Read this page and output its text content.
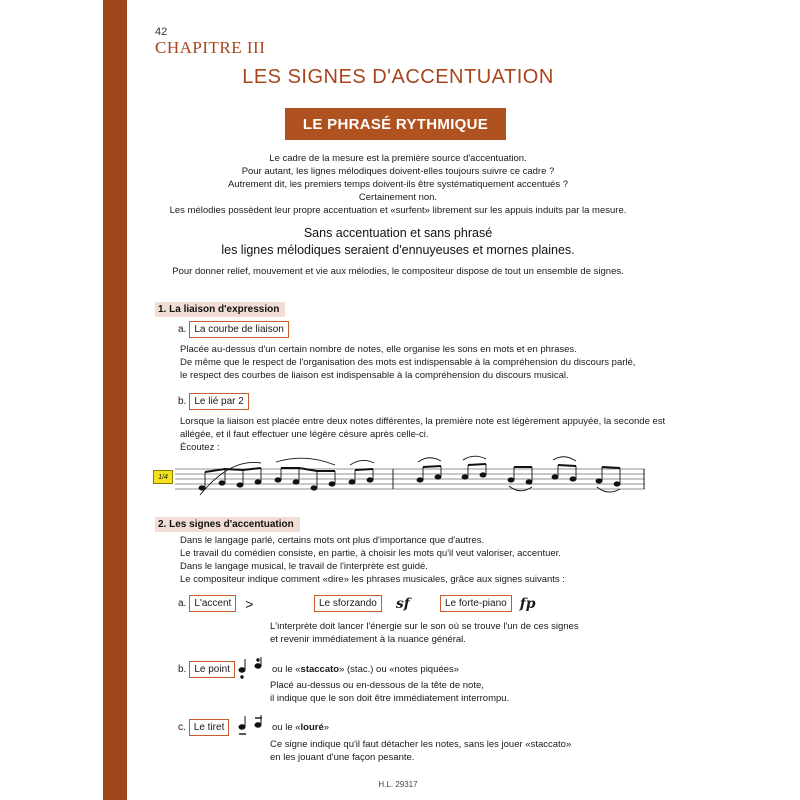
42
CHAPITRE III
LES SIGNES D'ACCENTUATION
LE PHRASÉ RYTHMIQUE
Le cadre de la mesure est la première source d'accentuation.
Pour autant, les lignes mélodiques doivent-elles toujours suivre ce cadre ?
Autrement dit, les premiers temps doivent-ils être systématiquement accentués ?
Certainement non.
Les mélodies possèdent leur propre accentuation et «surfent» librement sur les appuis induits par la mesure.
Sans accentuation et sans phrasé
les lignes mélodiques seraient d'ennuyeuses et mornes plaines.
Pour donner relief, mouvement et vie aux mélodies, le compositeur dispose de tout un ensemble de signes.
1. La liaison d'expression
a. La courbe de liaison
Placée au-dessus d'un certain nombre de notes, elle organise les sons en mots et en phrases.
De même que le respect de l'organisation des mots est indispensable à la compréhension du discours parlé,
le respect des courbes de liaison est indispensable à la compréhension du discours musical.
b. Le lié par 2
Lorsque la liaison est placée entre deux notes différentes, la première note est légèrement appuyée, la seconde est
allégée, et il faut effectuer une légère césure après celle-ci.
Écoutez :
1/4
2. Les signes d'accentuation
Dans le langage parlé, certains mots ont plus d'importance que d'autres.
Le travail du comédien consiste, en partie, à choisir les mots qu'il veut valoriser, accentuer.
Dans le langage musical, le travail de l'interprète est guidé.
Le compositeur indique comment «dire» les phrases musicales, grâce aux signes suivants :
a. L'accent	>	Le sforzando	sf	Le forte-piano fp
L'interprète doit lancer l'énergie sur le son où se trouve l'un de ces signes
et revenir immédiatement à la nuance général.
b. Le point	ou le «staccato» (stac.) ou «notes piquées»
Placé au-dessus ou en-dessous de la tête de note,
il indique que le son doit être immédiatement interrompu.
c. Le tiret	ou le «louré»
Ce signe indique qu'il faut détacher les notes, sans les jouer «staccato»
en les jouant d'une façon pesante.
H.L. 29317
